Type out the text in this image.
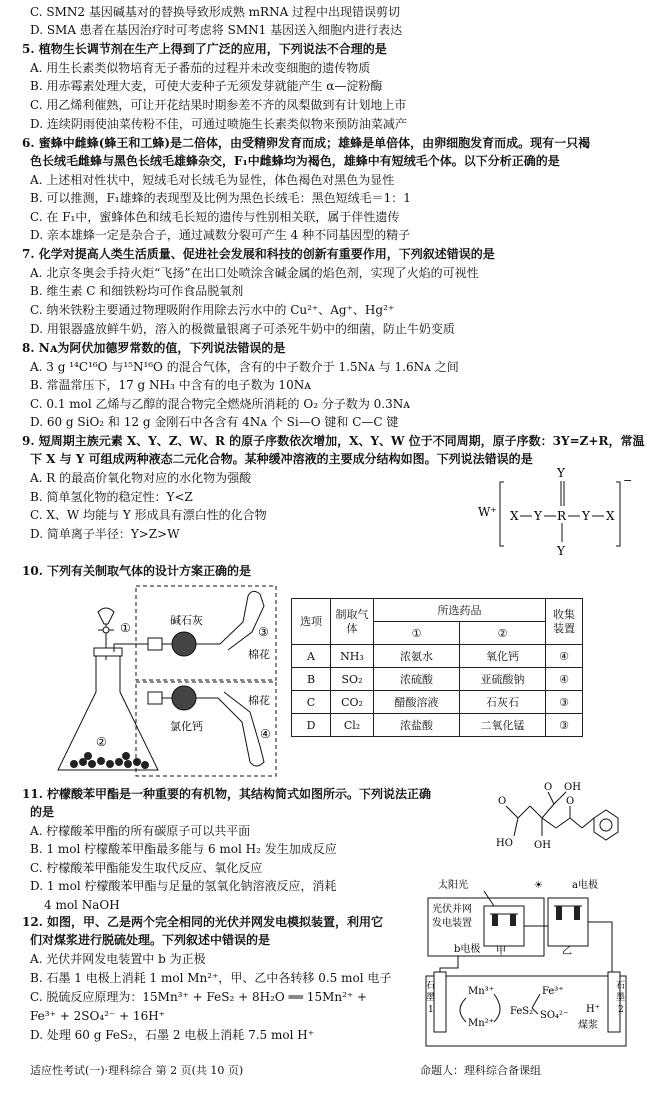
C. SMN2 基因碱基对的替换导致形成熟 mRNA 过程中出现错误剪切
D. SMA 患者在基因治疗时可考虑将 SMN1 基因送入细胞内进行表达
5. 植物生长调节剂在生产上得到了广泛的应用，下列说法不合理的是
A. 用生长素类似物培育无子番茄的过程并未改变细胞的遗传物质
B. 用赤霉素处理大麦，可使大麦种子无须发芽就能产生 α—淀粉酶
C. 用乙烯利催熟，可让开花结果时期参差不齐的凤梨做到有计划地上市
D. 连续阴雨使油菜传粉不佳，可通过喷施生长素类似物来预防油菜减产
6. 蜜蜂中雌蜂(蜂王和工蜂)是二倍体，由受精卵发育而成；雄蜂是单倍体，由卵细胞发育而成。现有一只褐
色长绒毛雌蜂与黑色长绒毛雄蜂杂交，F₁中雌蜂均为褐色，雄蜂中有短绒毛个体。以下分析正确的是
A. 上述相对性状中，短绒毛对长绒毛为显性，体色褐色对黑色为显性
B. 可以推测，F₁雄蜂的表现型及比例为黑色长绒毛：黑色短绒毛＝1：1
C. 在 F₁中，蜜蜂体色和绒毛长短的遗传与性别相关联，属于伴性遗传
D. 亲本雄蜂一定是杂合子，通过减数分裂可产生 4 种不同基因型的精子
7. 化学对提高人类生活质量、促进社会发展和科技的创新有重要作用，下列叙述错误的是
A. 北京冬奥会手持火炬“飞扬”在出口处喷涂含碱金属的焰色剂，实现了火焰的可视性
B. 维生素 C 和细铁粉均可作食品脱氧剂
C. 纳米铁粉主要通过物理吸附作用除去污水中的 Cu²⁺、Ag⁺、Hg²⁺
D. 用银器盛放鲜牛奶，溶入的极微量银离子可杀死牛奶中的细菌，防止牛奶变质
8. Nᴀ为阿伏加德罗常数的值，下列说法错误的是
A. 3 g ¹⁴C¹⁶O 与¹⁵N¹⁶O 的混合气体，含有的中子数介于 1.5Nᴀ 与 1.6Nᴀ 之间
B. 常温常压下，17 g NH₃ 中含有的电子数为 10Nᴀ
C. 0.1 mol 乙烯与乙醇的混合物完全燃烧所消耗的 O₂ 分子数为 0.3Nᴀ
D. 60 g SiO₂ 和 12 g 金刚石中各含有 4Nᴀ 个 Si—O 键和 C—C 键
9. 短周期主族元素 X、Y、Z、W、R 的原子序数依次增加，X、Y、W 位于不同周期，原子序数：3Y=Z+R，常温
下 X 与 Y 可组成两种液态二元化合物。某种缓冲溶液的主要成分结构如图。下列说法错误的是
A. R 的最高价氧化物对应的水化物为强酸
B. 简单氢化物的稳定性：Y<Z
C. X、W 均能与 Y 形成具有漂白性的化合物
D. 简单离子半径：Y>Z>W
W⁺
−
X Y R Y X
Y
Y
10. 下列有关制取气体的设计方案正确的是
①
②
碱石灰
③
棉花
氯化钙
棉花
④
选项	制取气体	所选药品		收集装置
		①	②	
A	NH₃	浓氨水	氧化钙	④
B	SO₂	浓硫酸	亚硫酸钠	④
C	CO₂	醋酸溶液	石灰石	③
D	Cl₂	浓盐酸	二氧化锰	③
11. 柠檬酸苯甲酯是一种重要的有机物，其结构简式如图所示。下列说法正确
的是
A. 柠檬酸苯甲酯的所有碳原子可以共平面
B. 1 mol 柠檬酸苯甲酯最多能与 6 mol H₂ 发生加成反应
C. 柠檬酸苯甲酯能发生取代反应、氧化反应
D. 1 mol 柠檬酸苯甲酯与足量的氢氧化钠溶液反应，消耗
4 mol NaOH
O OH
O
HO OH
O
12. 如图，甲、乙是两个完全相同的光伏并网发电模拟装置，利用它
们对煤浆进行脱硫处理。下列叙述中错误的是
A. 光伏并网发电装置中 b 为正极
B. 石墨 1 电极上消耗 1 mol Mn²⁺，甲、乙中各转移 0.5 mol 电子
C. 脱硫反应原理为：15Mn³⁺ + FeS₂ + 8H₂O ══ 15Mn²⁺ +
Fe³⁺ + 2SO₄²⁻ + 16H⁺
D. 处理 60 g FeS₂，石墨 2 电极上消耗 7.5 mol H⁺
太阳光	☀	a电极
光伏并网
发电装置
甲	乙
b电极
石
墨
1
石
墨
2
Mn³⁺
Mn²⁺
FeS₂
Fe³⁺
SO₄²⁻
H⁺
煤浆
适应性考试(一)·理科综合 第 2 页(共 10 页)	命题人：理科综合备课组
